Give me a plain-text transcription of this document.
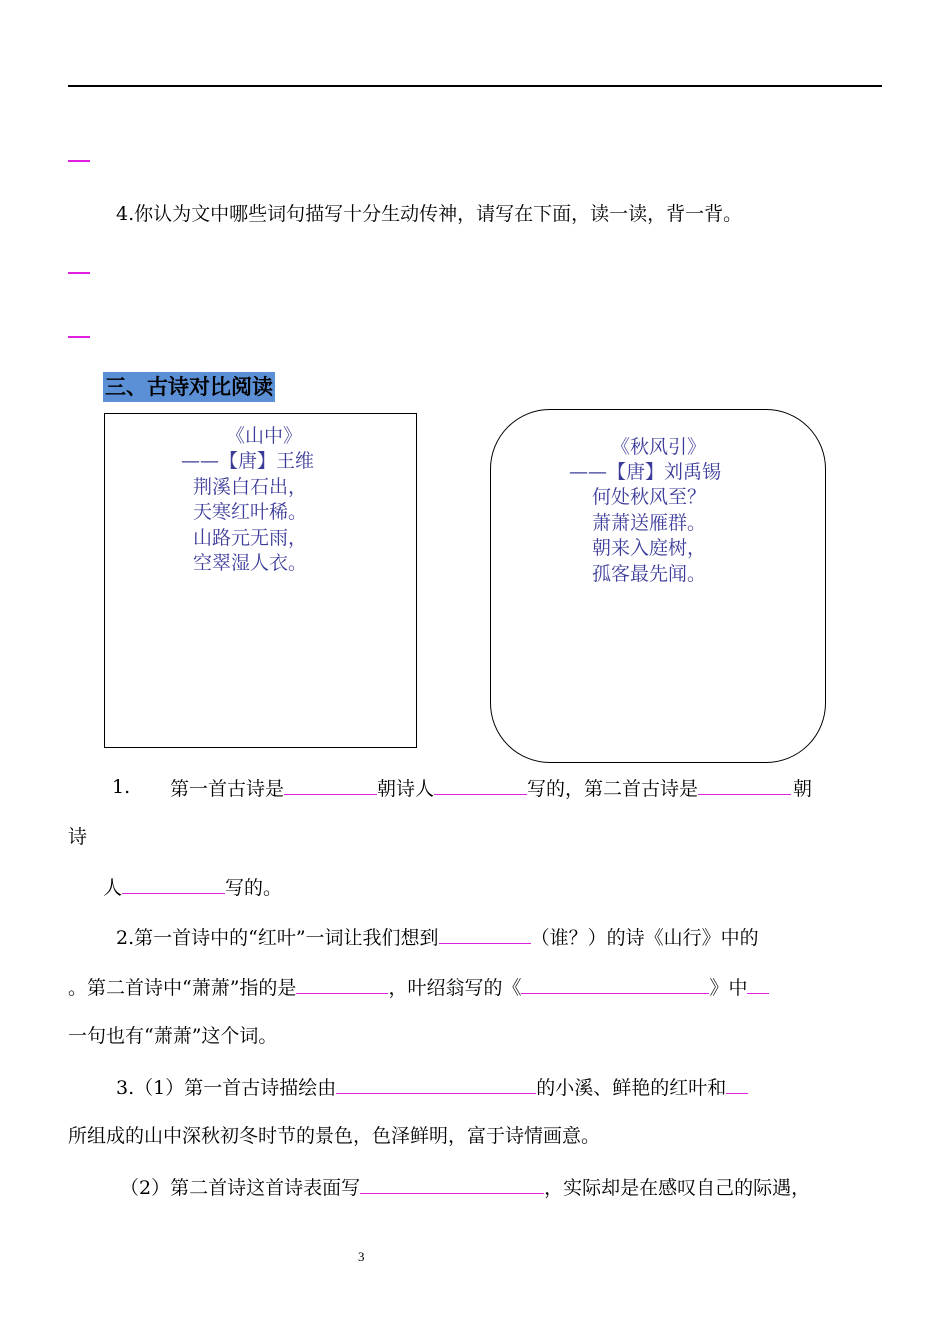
4.你认为文中哪些词句描写十分生动传神，请写在下面，读一读，背一背。
三、古诗对比阅读
《山中》
——【唐】王维
荆溪白石出，
天寒红叶稀。
山路元无雨，
空翠湿人衣。
《秋风引》
——【唐】刘禹锡
何处秋风至？
萧萧送雁群。
朝来入庭树，
孤客最先闻。
1. 第一首古诗是	朝诗人	写的，第二首古诗是	朝
诗
人	写的。
2.第一首诗中的“红叶”一词让我们想到	（谁？）的诗《山行》中的
。第二首诗中“萧萧”指的是	，叶绍翁写的《	》中
一句也有“萧萧”这个词。
3.（1）第一首古诗描绘由	的小溪、鲜艳的红叶和
所组成的山中深秋初冬时节的景色，色泽鲜明，富于诗情画意。
（2）第二首诗这首诗表面写	，实际却是在感叹自己的际遇，
3
